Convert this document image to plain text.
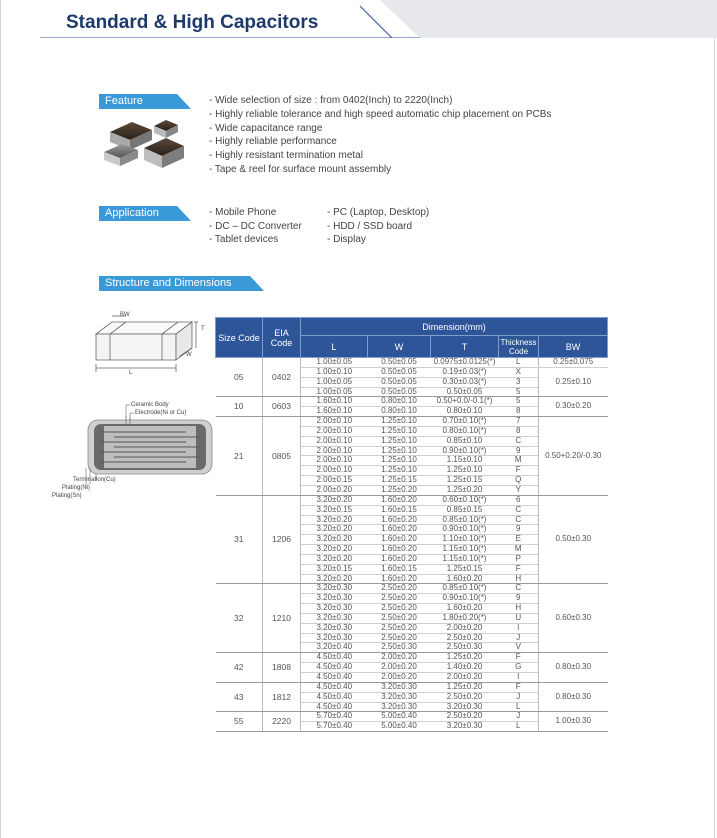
Standard & High Capacitors
Feature	- Wide selection of size : from 0402(Inch) to 2220(Inch)
- Highly reliable tolerance and high speed automatic chip placement on PCBs
- Wide capacitance range
- Highly reliable performance
- Highly resistant termination metal
- Tape & reel for surface mount assembly
Application	- Mobile Phone
- DC – DC Converter
- Tablet devices
- PC (Laptop, Desktop)
- HDD / SSD board
- Display
Structure and Dimensions
BW
T
W
L
Ceramic Body
Electrode(Ni or Cu)
Termination(Cu)
Plating(Ni)
Plating(Sn)
Size Code	EIA Code	Dimension(mm)				
		L	W	T	Thickness Code	BW
05	0402	1.00±0.05	0.50±0.05	0.0975±0.0125(*)	L	0.25±0.075
		1.00±0.10	0.50±0.05	0.19±0.03(*)	X	0.25±0.10
		1.00±0.05	0.50±0.05	0.30±0.03(*)	3	
		1.00±0.05	0.50±0.05	0.50±0.05	5	
10	0603	1.60±0.10	0.80±0.10	0.50+0.0/-0.1(*)	5	0.30±0.20
		1.60±0.10	0.80±0.10	0.80±0.10	8	
21	0805	2.00±0.10	1.25±0.10	0.70±0.10(*)	7	0.50+0.20/-0.30
		2.00±0.10	1.25±0.10	0.80±0.10(*)	8	
		2.00±0.10	1.25±0.10	0.85±0.10	C	
		2.00±0.10	1.25±0.10	0.90±0.10(*)	9	
		2.00±0.10	1.25±0.10	1.15±0.10	M	
		2.00±0.10	1.25±0.10	1.25±0.10	F	
		2.00±0.15	1.25±0.15	1.25±0.15	Q	
		2.00±0.20	1.25±0.20	1.25±0.20	Y	
31	1206	3.20±0.20	1.60±0.20	0.60±0.10(*)	6	0.50±0.30
		3.20±0.15	1.60±0.15	0.85±0.15	C	
		3.20±0.20	1.60±0.20	0.85±0.10(*)	C	
		3.20±0.20	1.60±0.20	0.90±0.10(*)	9	
		3.20±0.20	1.60±0.20	1.10±0.10(*)	E	
		3.20±0.20	1.60±0.20	1.15±0.10(*)	M	
		3.20±0.20	1.60±0.20	1.15±0.10(*)	P	
		3.20±0.15	1.60±0.15	1.25±0.15	F	
		3.20±0.20	1.60±0.20	1.60±0.20	H	
32	1210	3.20±0.30	2.50±0.20	0.85±0.10(*)	C	0.60±0.30
		3.20±0.30	2.50±0.20	0.90±0.10(*)	9	
		3.20±0.30	2.50±0.20	1.60±0.20	H	
		3.20±0.30	2.50±0.20	1.80±0.20(*)	U	
		3.20±0.30	2.50±0.20	2.00±0.20	I	
		3.20±0.30	2.50±0.20	2.50±0.20	J	
		3.20±0.40	2.50±0.30	2.50±0.30	V	
42	1808	4.50±0.40	2.00±0.20	1.25±0.20	F	0.80±0.30
		4.50±0.40	2.00±0.20	1.40±0.20	G	
		4.50±0.40	2.00±0.20	2.00±0.20	I	
43	1812	4.50±0.40	3.20±0.30	1.25±0.20	F	0.80±0.30
		4.50±0.40	3.20±0.30	2.50±0.20	J	
		4.50±0.40	3.20±0.30	3.20±0.30	L	
55	2220	5.70±0.40	5.00±0.40	2.50±0.20	J	1.00±0.30
		5.70±0.40	5.00±0.40	3.20±0.30	L	
